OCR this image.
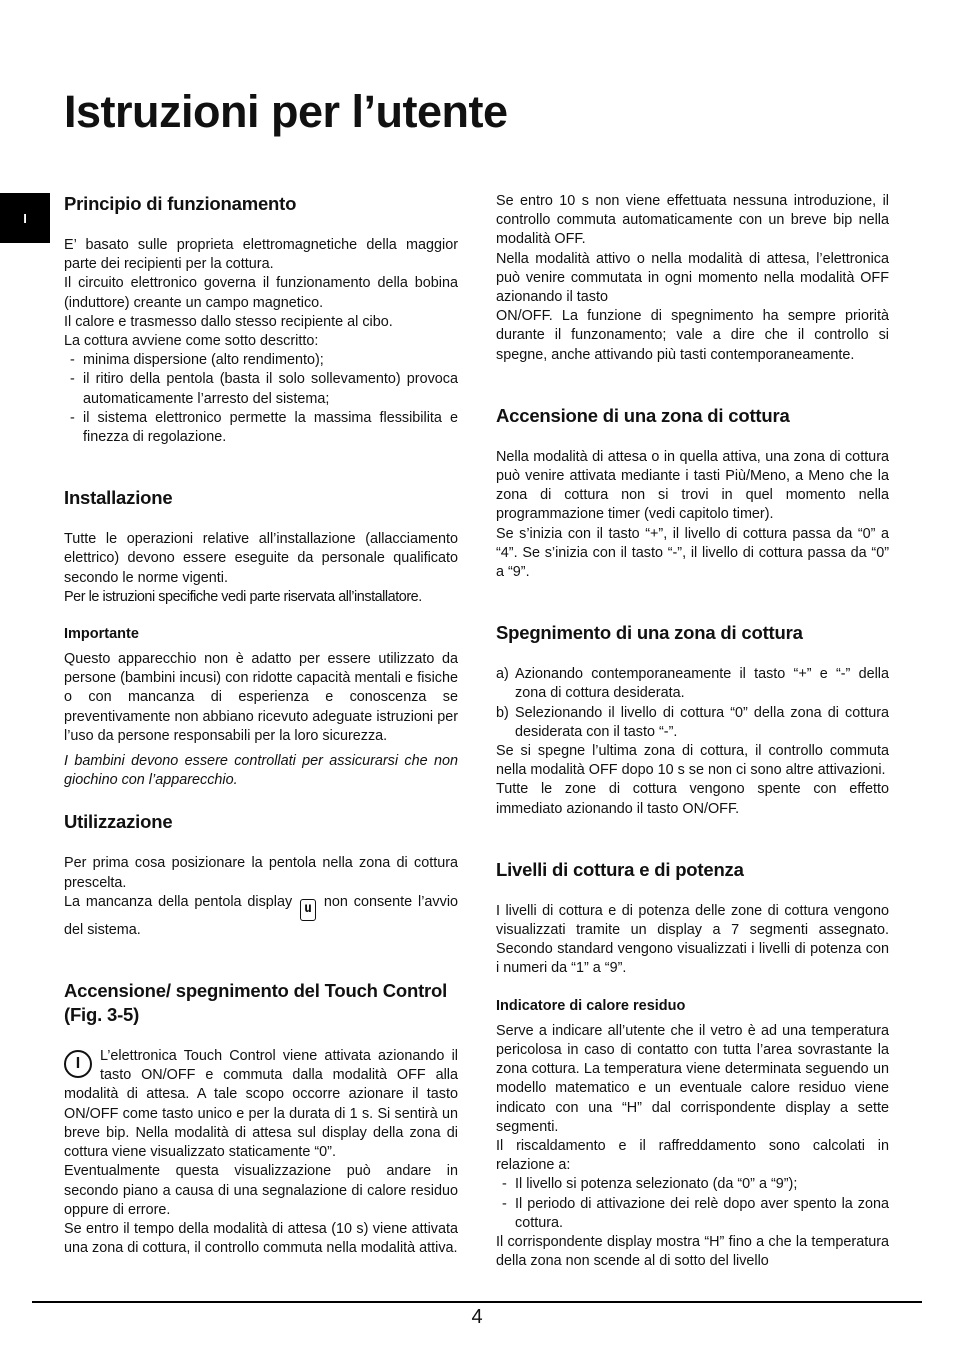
Istruzioni per l’utente
I
Principio di funzionamento

E’ basato sulle proprieta elettromagnetiche della maggior parte dei recipienti per la cottura.

Il circuito elettronico governa il funzionamento della bobina (induttore) creante un campo magnetico.

Il calore e trasmesso dallo stesso recipiente al cibo.

La cottura avviene come sotto descritto:

- minima dispersione (alto rendimento);

- il ritiro della pentola (basta il solo sollevamento) provoca automaticamente l’arresto del sistema;

- il sistema elettronico permette la massima flessibilita e finezza di regolazione.

Installazione

Tutte le operazioni relative all’installazione (allacciamento elettrico) devono essere eseguite da personale qualificato secondo le norme vigenti.

Per le istruzioni specifiche vedi parte riservata all’installatore.

Importante

Questo apparecchio non è adatto per essere utilizzato da persone (bambini incusi) con ridotte capacità mentali e fisiche o con mancanza di esperienza e conoscenza se preventivamente non abbiano ricevuto adeguate istruzioni per l’uso da persone responsabili per la loro sicurezza.

I bambini devono essere controllati per assicurarsi che non giochino con l’apparecchio.

Utilizzazione

Per prima cosa posizionare la pentola nella zona di cottura prescelta.

La mancanza della pentola display u non consente l’avvio del sistema.

Accensione/ spegnimento del Touch Control (Fig. 3-5)
I	L’elettronica Touch Control viene attivata azionando il tasto ON/OFF e commuta dalla modalità OFF alla modalità di attesa. A tale scopo occorre azionare il tasto ON/OFF come tasto unico e per la durata di 1 s. Si sentirà un breve bip. Nella modalità di attesa sul display della zona di cottura viene visualizzato staticamente “0”.

Eventualmente questa visualizzazione può andare in secondo piano a causa di una segnalazione di calore residuo oppure di errore.

Se entro il tempo della modalità di attesa (10 s) viene attivata una zona di cottura, il controllo commuta nella modalità attiva.

Se entro 10 s non viene effettuata nessuna introduzione, il controllo commuta automaticamente con un breve bip nella modalità OFF.

Nella modalità attivo o nella modalità di attesa, l’elettronica può venire commutata in ogni momento nella modalità OFF azionando il tasto

ON/OFF. La funzione di spegnimento ha sempre priorità durante il funzonamento; vale a dire che il controllo si spegne, anche attivando più tasti contemporaneamente.

Accensione di una zona di cottura

Nella modalità di attesa o in quella attiva, una zona di cottura può venire attivata mediante i tasti Più/Meno, a Meno che la zona di cottura non si trovi in quel momento nella programmazione timer (vedi capitolo timer).

Se s’inizia con il tasto “+”, il livello di cottura passa da “0” a “4”. Se s’inizia con il tasto “-”, il livello di cottura passa da “0” a “9”.

Spegnimento di una zona di cottura

a) Azionando contemporaneamente il tasto “+” e “-” della zona di cottura desiderata.

b) Selezionando il livello di cottura “0” della zona di cottura desiderata con il tasto “-”.

Se si spegne l’ultima zona di cottura, il controllo commuta nella modalità OFF dopo 10 s se non ci sono altre attivazioni.

Tutte le zone di cottura vengono spente con effetto immediato azionando il tasto ON/OFF.

Livelli di cottura e di potenza

I livelli di cottura e di potenza delle zone di cottura vengono visualizzati tramite un display a 7 segmenti assegnato. Secondo standard vengono visualizzati i livelli di potenza con i numeri da “1” a “9”.

Indicatore di calore residuo

Serve a indicare all’utente che il vetro è ad una temperatura pericolosa in caso di contatto con tutta l’area sovrastante la zona cottura. La temperatura viene determinata seguendo un modello matematico e un eventuale calore residuo viene indicato con una “H” dal corrispondente display a sette segmenti.

Il riscaldamento e il raffreddamento sono calcolati in relazione a:

- Il livello si potenza selezionato (da “0” a “9”);

- Il periodo di attivazione dei relè dopo aver spento la zona cottura.

Il corrispondente display mostra “H” fino a che la temperatura della zona non scende al di sotto del livello

4
